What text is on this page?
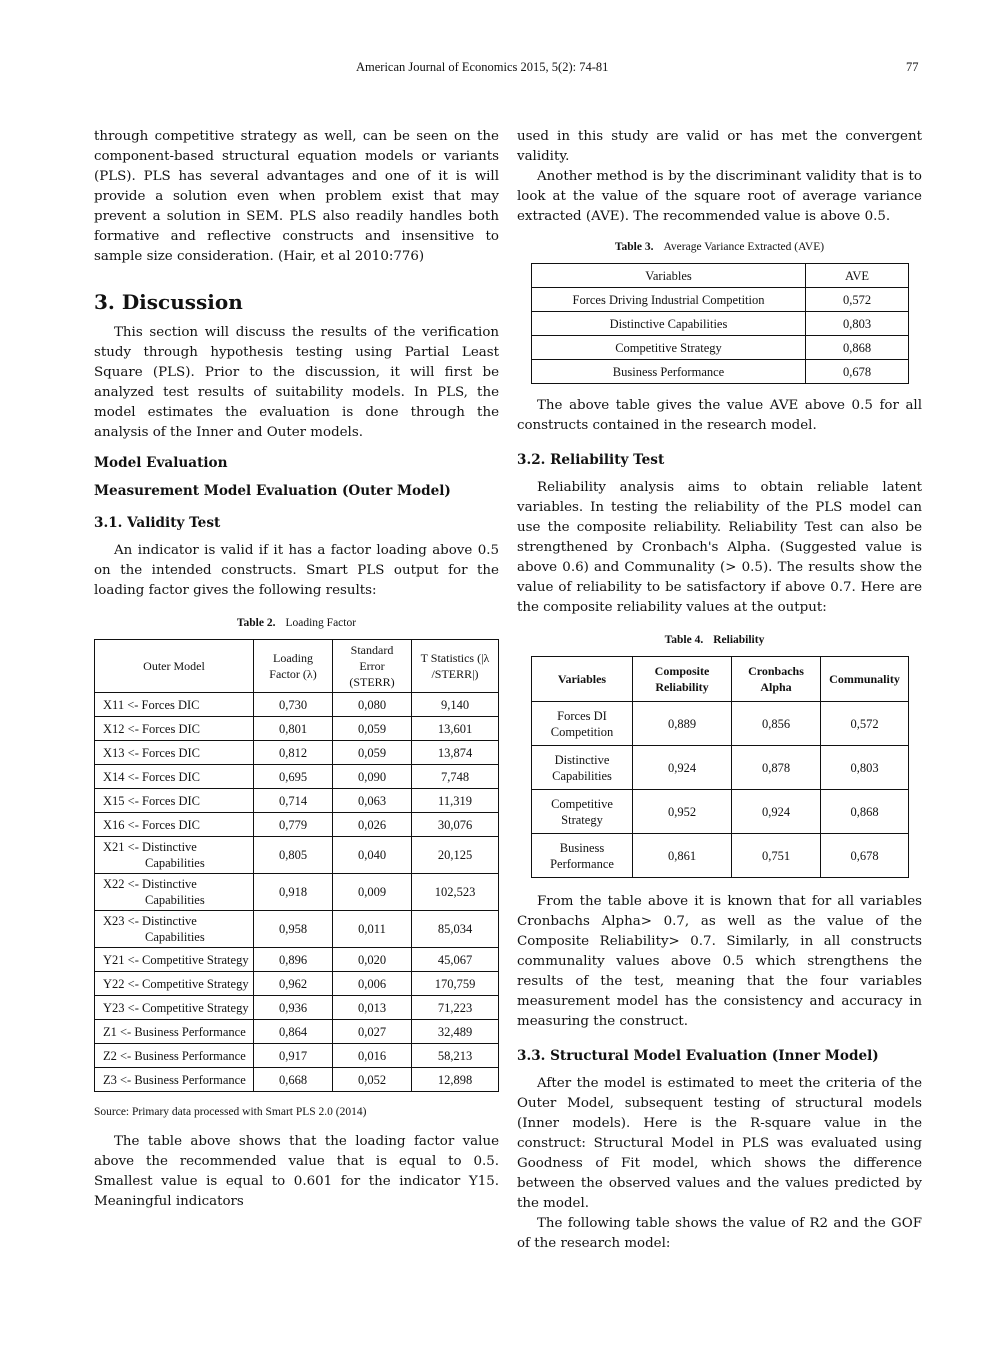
American Journal of Economics 2015, 5(2): 74-81	77

through competitive strategy as well, can be seen on the component-based structural equation models or variants (PLS). PLS has several advantages and one of it is will provide a solution even when problem exist that may prevent a solution in SEM. PLS also readily handles both formative and reflective constructs and insensitive to sample size consideration. (Hair, et al 2010:776)

3. Discussion

This section will discuss the results of the verification study through hypothesis testing using Partial Least Square (PLS). Prior to the discussion, it will first be analyzed test results of suitability models. In PLS, the model estimates the evaluation is done through the analysis of the Inner and Outer models.

Model Evaluation
Measurement Model Evaluation (Outer Model)
3.1. Validity Test

An indicator is valid if it has a factor loading above 0.5 on the intended constructs. Smart PLS output for the loading factor gives the following results:

Table 2. Loading Factor
Outer Model	Loading Factor (λ)	Standard Error (STERR)	T Statistics (|λ /STERR|)
X11 <- Forces DIC	0,730	0,080	9,140
X12 <- Forces DIC	0,801	0,059	13,601
X13 <- Forces DIC	0,812	0,059	13,874
X14 <- Forces DIC	0,695	0,090	7,748
X15 <- Forces DIC	0,714	0,063	11,319
X16 <- Forces DIC	0,779	0,026	30,076
X21 <- Distinctive
Capabilities	0,805	0,040	20,125
X22 <- Distinctive
Capabilities	0,918	0,009	102,523
X23 <- Distinctive
Capabilities	0,958	0,011	85,034
Y21 <- Competitive Strategy	0,896	0,020	45,067
Y22 <- Competitive Strategy	0,962	0,006	170,759
Y23 <- Competitive Strategy	0,936	0,013	71,223
Z1 <- Business Performance	0,864	0,027	32,489
Z2 <- Business Performance	0,917	0,016	58,213
Z3 <- Business Performance	0,668	0,052	12,898
Source: Primary data processed with Smart PLS 2.0 (2014)

The table above shows that the loading factor value above the recommended value that is equal to 0.5. Smallest value is equal to 0.601 for the indicator Y15. Meaningful indicators

used in this study are valid or has met the convergent validity.

Another method is by the discriminant validity that is to look at the value of the square root of average variance extracted (AVE). The recommended value is above 0.5.

Table 3. Average Variance Extracted (AVE)
Variables	AVE
Forces Driving Industrial Competition	0,572
Distinctive Capabilities	0,803
Competitive Strategy	0,868
Business Performance	0,678

The above table gives the value AVE above 0.5 for all constructs contained in the research model.

3.2. Reliability Test

Reliability analysis aims to obtain reliable latent variables. In testing the reliability of the PLS model can use the composite reliability. Reliability Test can also be strengthened by Cronbach's Alpha. (Suggested value is above 0.6) and Communality (> 0.5). The results show the value of reliability to be satisfactory if above 0.7. Here are the composite reliability values at the output:

Table 4. Reliability
Variables	Composite Reliability	Cronbachs Alpha	Communality
Forces DI Competition	0,889	0,856	0,572
Distinctive Capabilities	0,924	0,878	0,803
Competitive Strategy	0,952	0,924	0,868
Business Performance	0,861	0,751	0,678

From the table above it is known that for all variables Cronbachs Alpha> 0.7, as well as the value of the Composite Reliability> 0.7. Similarly, in all constructs communality values above 0.5 which strengthens the results of the test, meaning that the four variables measurement model has the consistency and accuracy in measuring the construct.

3.3. Structural Model Evaluation (Inner Model)

After the model is estimated to meet the criteria of the Outer Model, subsequent testing of structural models (Inner models). Here is the R-square value in the construct: Structural Model in PLS was evaluated using Goodness of Fit model, which shows the difference between the observed values and the values predicted by the model.

The following table shows the value of R2 and the GOF of the research model:
